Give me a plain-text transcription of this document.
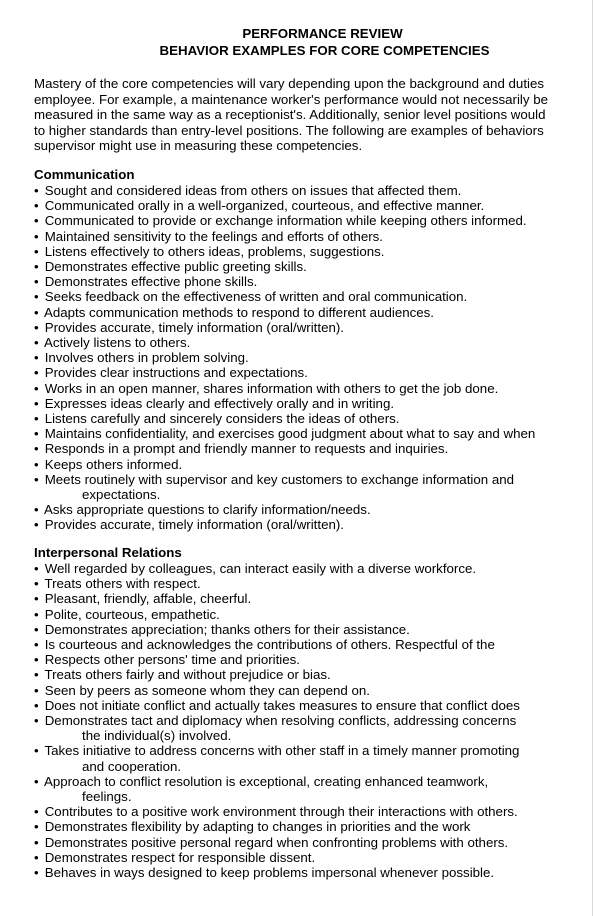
PERFORMANCE REVIEW
BEHAVIOR EXAMPLES FOR CORE COMPETENCIES
Mastery of the core competencies will vary depending upon the background and duties employee. For example, a maintenance worker's performance would not necessarily be measured in the same way as a receptionist's. Additionally, senior level positions would to higher standards than entry-level positions. The following are examples of behaviors supervisor might use in measuring these competencies.
Communication
• Sought and considered ideas from others on issues that affected them.
• Communicated orally in a well-organized, courteous, and effective manner.
• Communicated to provide or exchange information while keeping others informed.
• Maintained sensitivity to the feelings and efforts of others.
• Listens effectively to others ideas, problems, suggestions.
• Demonstrates effective public greeting skills.
• Demonstrates effective phone skills.
• Seeks feedback on the effectiveness of written and oral communication.
• Adapts communication methods to respond to different audiences.
• Provides accurate, timely information (oral/written).
• Actively listens to others.
• Involves others in problem solving.
• Provides clear instructions and expectations.
• Works in an open manner, shares information with others to get the job done.
• Expresses ideas clearly and effectively orally and in writing.
• Listens carefully and sincerely considers the ideas of others.
• Maintains confidentiality, and exercises good judgment about what to say and when
• Responds in a prompt and friendly manner to requests and inquiries.
• Keeps others informed.
• Meets routinely with supervisor and key customers to exchange information and
expectations.
• Asks appropriate questions to clarify information/needs.
• Provides accurate, timely information (oral/written).
Interpersonal Relations
• Well regarded by colleagues, can interact easily with a diverse workforce.
• Treats others with respect.
• Pleasant, friendly, affable, cheerful.
• Polite, courteous, empathetic.
• Demonstrates appreciation; thanks others for their assistance.
• Is courteous and acknowledges the contributions of others. Respectful of the
• Respects other persons' time and priorities.
• Treats others fairly and without prejudice or bias.
• Seen by peers as someone whom they can depend on.
• Does not initiate conflict and actually takes measures to ensure that conflict does
• Demonstrates tact and diplomacy when resolving conflicts, addressing concerns
the individual(s) involved.
• Takes initiative to address concerns with other staff in a timely manner promoting
and cooperation.
• Approach to conflict resolution is exceptional, creating enhanced teamwork,
feelings.
• Contributes to a positive work environment through their interactions with others.
• Demonstrates flexibility by adapting to changes in priorities and the work
• Demonstrates positive personal regard when confronting problems with others.
• Demonstrates respect for responsible dissent.
• Behaves in ways designed to keep problems impersonal whenever possible.
